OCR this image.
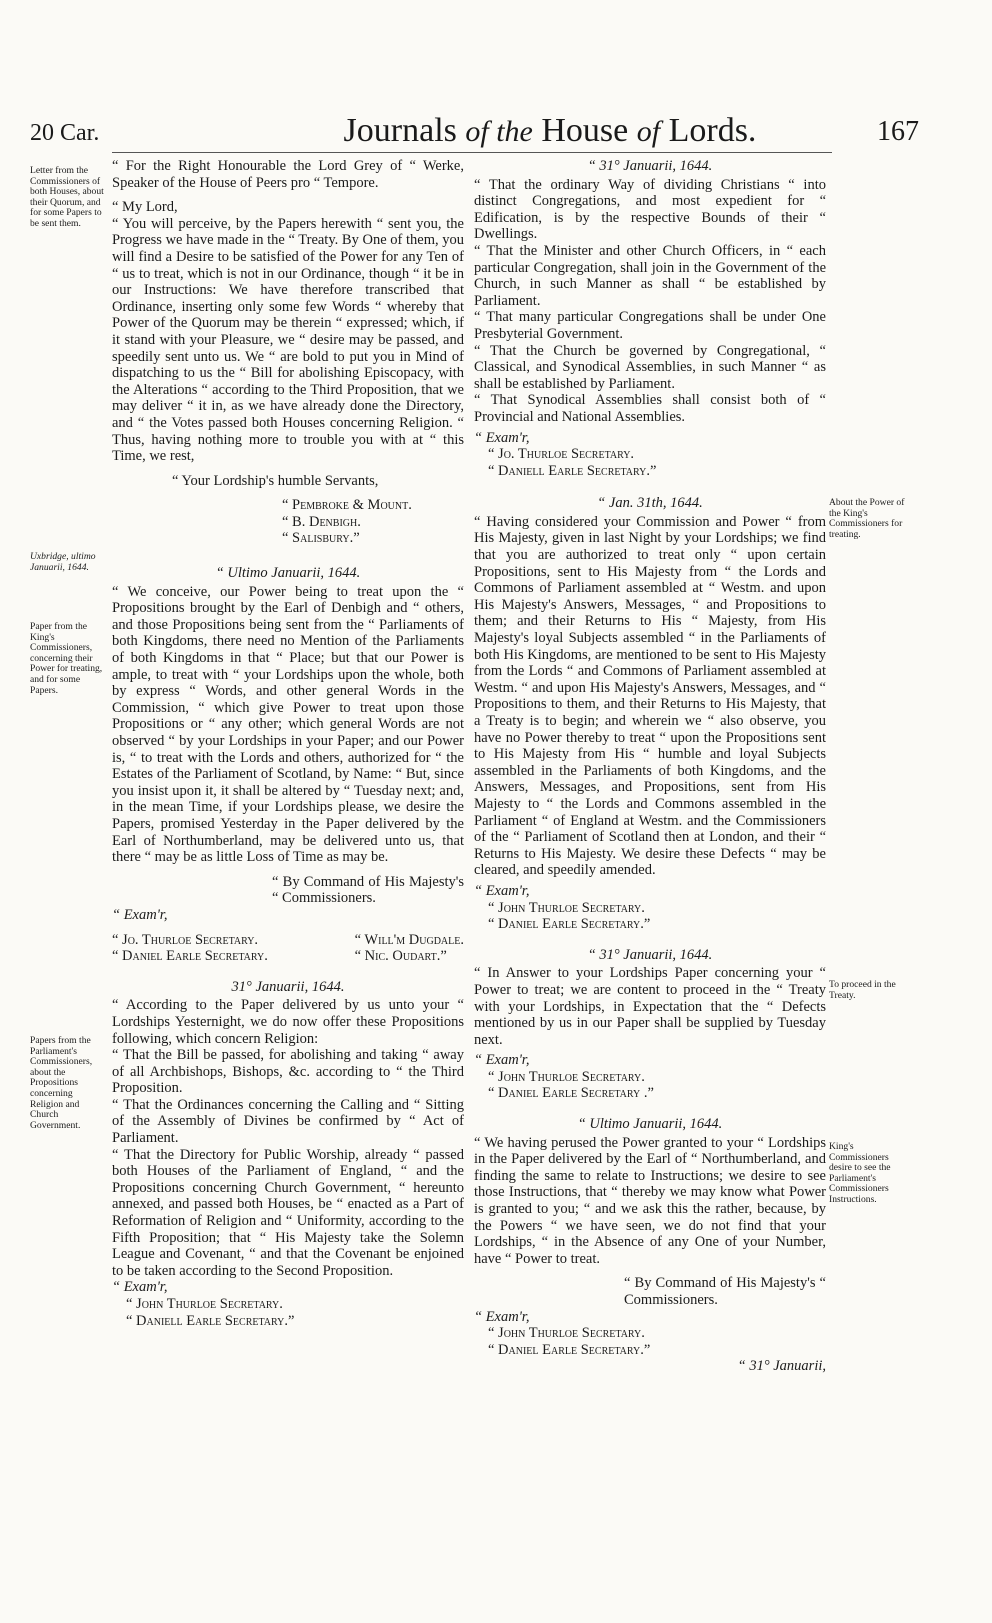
20 Car.	Journals of the House of Lords.	167
Letter from the Commissioners of both Houses, about their Quorum, and for some Papers to be sent them.
Uxbridge, ultimo Januarii, 1644.
Paper from the King's Commissioners, concerning their Power for treating, and for some Papers.
Papers from the Parliament's Commissioners, about the Propositions concerning Religion and Church Government.
About the Power of the King's Commissioners for treating.
To proceed in the Treaty.
King's Commissioners desire to see the Parliament's Commissioners Instructions.

“ For the Right Honourable the Lord Grey of “ Werke, Speaker of the House of Peers pro “ Tempore.

“ My Lord,

“ You will perceive, by the Papers herewith “ sent you, the Progress we have made in the “ Treaty. By One of them, you will find a Desire to be satisfied of the Power for any Ten of “ us to treat, which is not in our Ordinance, though “ it be in our Instructions: We have therefore transcribed that Ordinance, inserting only some few Words “ whereby that Power of the Quorum may be therein “ expressed; which, if it stand with your Pleasure, we “ desire may be passed, and speedily sent unto us. We “ are bold to put you in Mind of dispatching to us the “ Bill for abolishing Episcopacy, with the Alterations “ according to the Third Proposition, that we may deliver “ it in, as we have already done the Directory, and “ the Votes passed both Houses concerning Religion. “ Thus, having nothing more to trouble you with at “ this Time, we rest,

“ Your Lordship's humble Servants,

“ Pembroke & Mount.

“ B. Denbigh.

“ Salisbury.”

“ Ultimo Januarii, 1644.

“ We conceive, our Power being to treat upon the “ Propositions brought by the Earl of Denbigh and “ others, and those Propositions being sent from the “ Parliaments of both Kingdoms, there need no Mention of the Parliaments of both Kingdoms in that “ Place; but that our Power is ample, to treat with “ your Lordships upon the whole, both by express “ Words, and other general Words in the Commission, “ which give Power to treat upon those Propositions or “ any other; which general Words are not observed “ by your Lordships in your Paper; and our Power is, “ to treat with the Lords and others, authorized for “ the Estates of the Parliament of Scotland, by Name: “ But, since you insist upon it, it shall be altered by “ Tuesday next; and, in the mean Time, if your Lordships please, we desire the Papers, promised Yesterday in the Paper delivered by the Earl of Northumberland, may be delivered unto us, that there “ may be as little Loss of Time as may be.

“ By Command of His Majesty's “ Commissioners.

“ Exam'r,

“ Jo. Thurloe Secretary.

“ Daniel Earle Secretary.

“ Will'm Dugdale.

“ Nic. Oudart.”

31° Januarii, 1644.

“ According to the Paper delivered by us unto your “ Lordships Yesternight, we do now offer these Propositions following, which concern Religion:

“ That the Bill be passed, for abolishing and taking “ away of all Archbishops, Bishops, &c. according to “ the Third Proposition.

“ That the Ordinances concerning the Calling and “ Sitting of the Assembly of Divines be confirmed by “ Act of Parliament.

“ That the Directory for Public Worship, already “ passed both Houses of the Parliament of England, “ and the Propositions concerning Church Government, “ hereunto annexed, and passed both Houses, be “ enacted as a Part of Reformation of Religion and “ Uniformity, according to the Fifth Proposition; that “ His Majesty take the Solemn League and Covenant, “ and that the Covenant be enjoined to be taken according to the Second Proposition.

“ Exam'r,

“ John Thurloe Secretary.

“ Daniell Earle Secretary.”

“ 31° Januarii, 1644.

“ That the ordinary Way of dividing Christians “ into distinct Congregations, and most expedient for “ Edification, is by the respective Bounds of their “ Dwellings.

“ That the Minister and other Church Officers, in “ each particular Congregation, shall join in the Government of the Church, in such Manner as shall “ be established by Parliament.

“ That many particular Congregations shall be under One Presbyterial Government.

“ That the Church be governed by Congregational, “ Classical, and Synodical Assemblies, in such Manner “ as shall be established by Parliament.

“ That Synodical Assemblies shall consist both of “ Provincial and National Assemblies.

“ Exam'r,

“ Jo. Thurloe Secretary.

“ Daniell Earle Secretary.”

“ Jan. 31th, 1644.

“ Having considered your Commission and Power “ from His Majesty, given in last Night by your Lordships; we find that you are authorized to treat only “ upon certain Propositions, sent to His Majesty from “ the Lords and Commons of Parliament assembled at “ Westm. and upon His Majesty's Answers, Messages, “ and Propositions to them; and their Returns to His “ Majesty, from His Majesty's loyal Subjects assembled “ in the Parliaments of both His Kingdoms, are mentioned to be sent to His Majesty from the Lords “ and Commons of Parliament assembled at Westm. “ and upon His Majesty's Answers, Messages, and “ Propositions to them, and their Returns to His Majesty, that a Treaty is to begin; and wherein we “ also observe, you have no Power thereby to treat “ upon the Propositions sent to His Majesty from His “ humble and loyal Subjects assembled in the Parliaments of both Kingdoms, and the Answers, Messages, and Propositions, sent from His Majesty to “ the Lords and Commons assembled in the Parliament “ of England at Westm. and the Commissioners of the “ Parliament of Scotland then at London, and their “ Returns to His Majesty. We desire these Defects “ may be cleared, and speedily amended.

“ Exam'r,

“ John Thurloe Secretary.

“ Daniel Earle Secretary.”

“ 31° Januarii, 1644.

“ In Answer to your Lordships Paper concerning your “ Power to treat; we are content to proceed in the “ Treaty with your Lordships, in Expectation that the “ Defects mentioned by us in our Paper shall be supplied by Tuesday next.

“ Exam'r,

“ John Thurloe Secretary.

“ Daniel Earle Secretary .”

“ Ultimo Januarii, 1644.

“ We having perused the Power granted to your “ Lordships in the Paper delivered by the Earl of “ Northumberland, and finding the same to relate to Instructions; we desire to see those Instructions, that “ thereby we may know what Power is granted to you; “ and we ask this the rather, because, by the Powers “ we have seen, we do not find that your Lordships, “ in the Absence of any One of your Number, have “ Power to treat.

“ By Command of His Majesty's “ Commissioners.

“ Exam'r,

“ John Thurloe Secretary.

“ Daniel Earle Secretary.”

“ 31° Januarii,
